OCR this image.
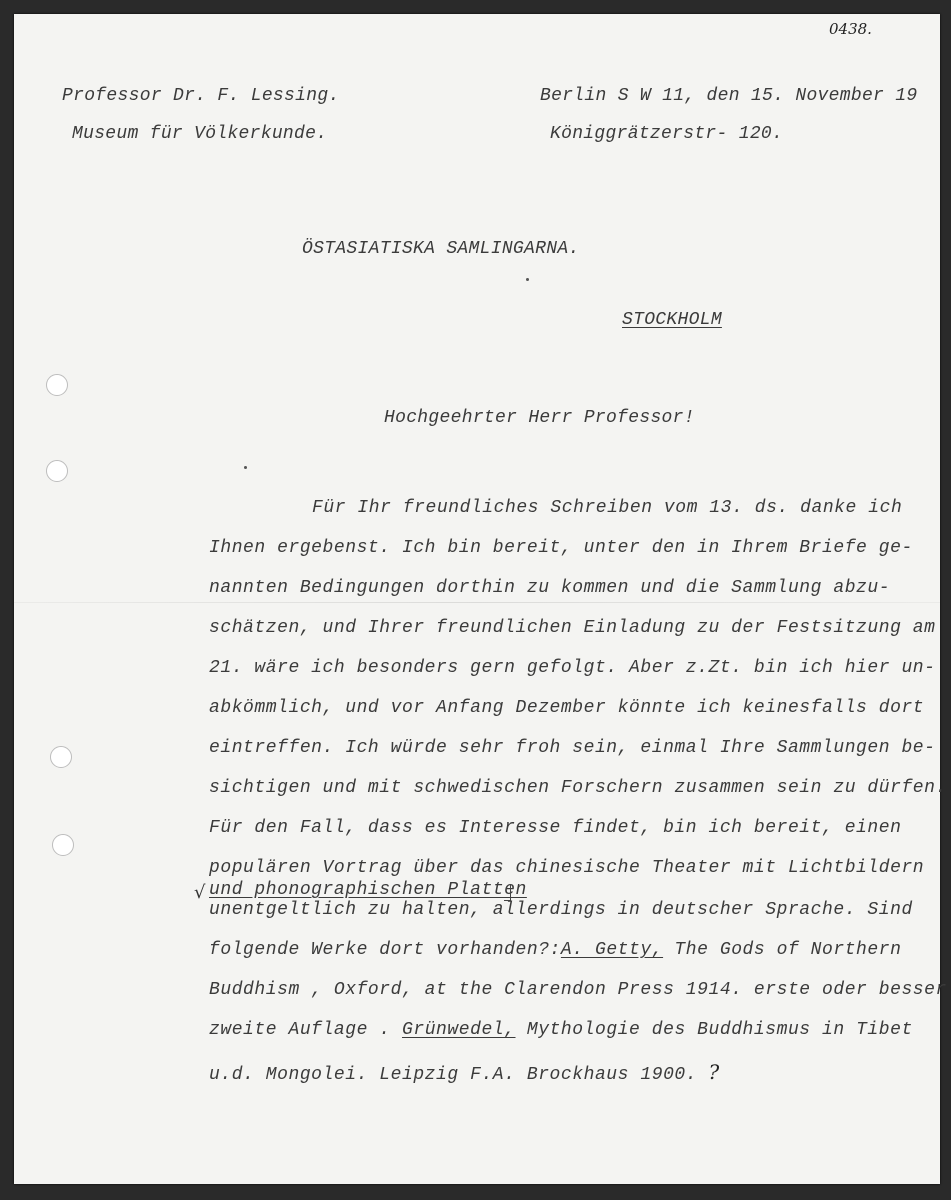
0438.
Professor Dr. F. Lessing.
Museum für Völkerkunde.
Berlin S W 11, den 15. November 19
Königgrätzerstr- 120.
ÖSTASIATISKA SAMLINGARNA.
STOCKHOLM
Hochgeehrter Herr Professor!
Für Ihr freundliches Schreiben vom 13. ds. danke ich
Ihnen ergebenst. Ich bin bereit, unter den in Ihrem Briefe ge-
nannten Bedingungen dorthin zu kommen und die Sammlung abzu-
schätzen, und Ihrer freundlichen Einladung zu der Festsitzung am
21. wäre ich besonders gern gefolgt. Aber z.Zt. bin ich hier un-
abkömmlich, und vor Anfang Dezember könnte ich keinesfalls dort
eintreffen. Ich würde sehr froh sein, einmal Ihre Sammlungen be-
sichtigen und mit schwedischen Forschern zusammen sein zu dürfen.
Für den Fall, dass es Interesse findet, bin ich bereit, einen
populären Vortrag über das chinesische Theater mit Lichtbildern
√ und phonographischen Platten
unentgeltlich zu halten, allerdings in deutscher Sprache. Sind
folgende Werke dort vorhanden?:A. Getty, The Gods of Northern
Buddhism , Oxford, at the Clarendon Press 1914. erste oder besser
zweite Auflage . Grünwedel, Mythologie des Buddhismus in Tibet
u.d. Mongolei. Leipzig F.A. Brockhaus 1900. ?
